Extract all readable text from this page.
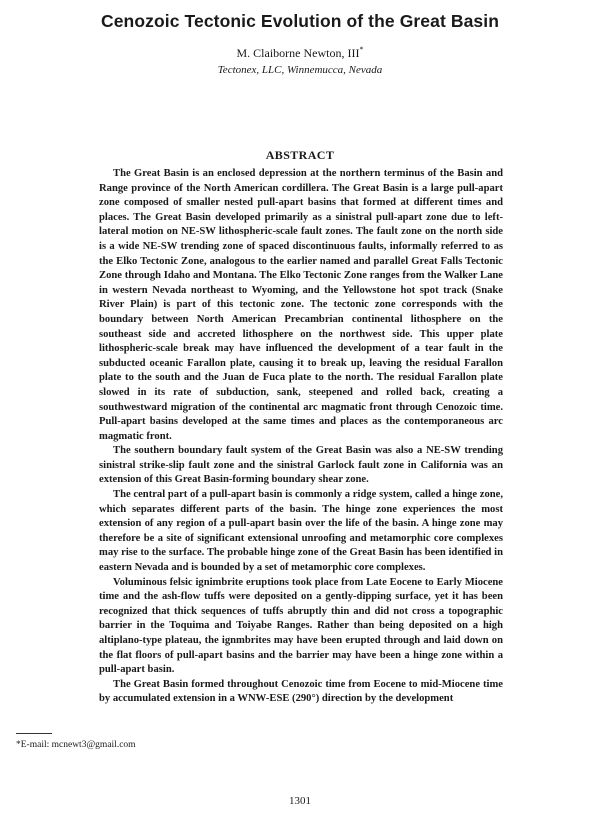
Cenozoic Tectonic Evolution of the Great Basin
M. Claiborne Newton, III*
Tectonex, LLC, Winnemucca, Nevada
ABSTRACT

The Great Basin is an enclosed depression at the northern terminus of the Basin and Range province of the North American cordillera. The Great Basin is a large pull-apart zone composed of smaller nested pull-apart basins that formed at different times and places. The Great Basin developed primarily as a sinistral pull-apart zone due to left-lateral motion on NE-SW lithospheric-scale fault zones. The fault zone on the north side is a wide NE-SW trending zone of spaced discontinuous faults, informally referred to as the Elko Tectonic Zone, analogous to the earlier named and parallel Great Falls Tectonic Zone through Idaho and Montana. The Elko Tectonic Zone ranges from the Walker Lane in western Nevada northeast to Wyoming, and the Yellowstone hot spot track (Snake River Plain) is part of this tectonic zone. The tectonic zone corresponds with the boundary between North American Precambrian continental lithosphere on the southeast side and accreted lithosphere on the northwest side. This upper plate lithospheric-scale break may have influenced the development of a tear fault in the subducted oceanic Farallon plate, causing it to break up, leaving the residual Farallon plate to the south and the Juan de Fuca plate to the north. The residual Farallon plate slowed in its rate of subduction, sank, steepened and rolled back, creating a southwestward migration of the continental arc magmatic front through Cenozoic time. Pull-apart basins developed at the same times and places as the contemporaneous arc magmatic front.

The southern boundary fault system of the Great Basin was also a NE-SW trending sinistral strike-slip fault zone and the sinistral Garlock fault zone in California was an extension of this Great Basin-forming boundary shear zone.

The central part of a pull-apart basin is commonly a ridge system, called a hinge zone, which separates different parts of the basin. The hinge zone experiences the most extension of any region of a pull-apart basin over the life of the basin. A hinge zone may therefore be a site of significant extensional unroofing and metamorphic core complexes may rise to the surface. The probable hinge zone of the Great Basin has been identified in eastern Nevada and is bounded by a set of metamorphic core complexes.

Voluminous felsic ignimbrite eruptions took place from Late Eocene to Early Miocene time and the ash-flow tuffs were deposited on a gently-dipping surface, yet it has been recognized that thick sequences of tuffs abruptly thin and did not cross a topographic barrier in the Toquima and Toiyabe Ranges. Rather than being deposited on a high altiplano-type plateau, the ignmbrites may have been erupted through and laid down on the flat floors of pull-apart basins and the barrier may have been a hinge zone within a pull-apart basin.

The Great Basin formed throughout Cenozoic time from Eocene to mid-Miocene time by accumulated extension in a WNW-ESE (290°) direction by the development

*E-mail: mcnewt3@gmail.com
1301
